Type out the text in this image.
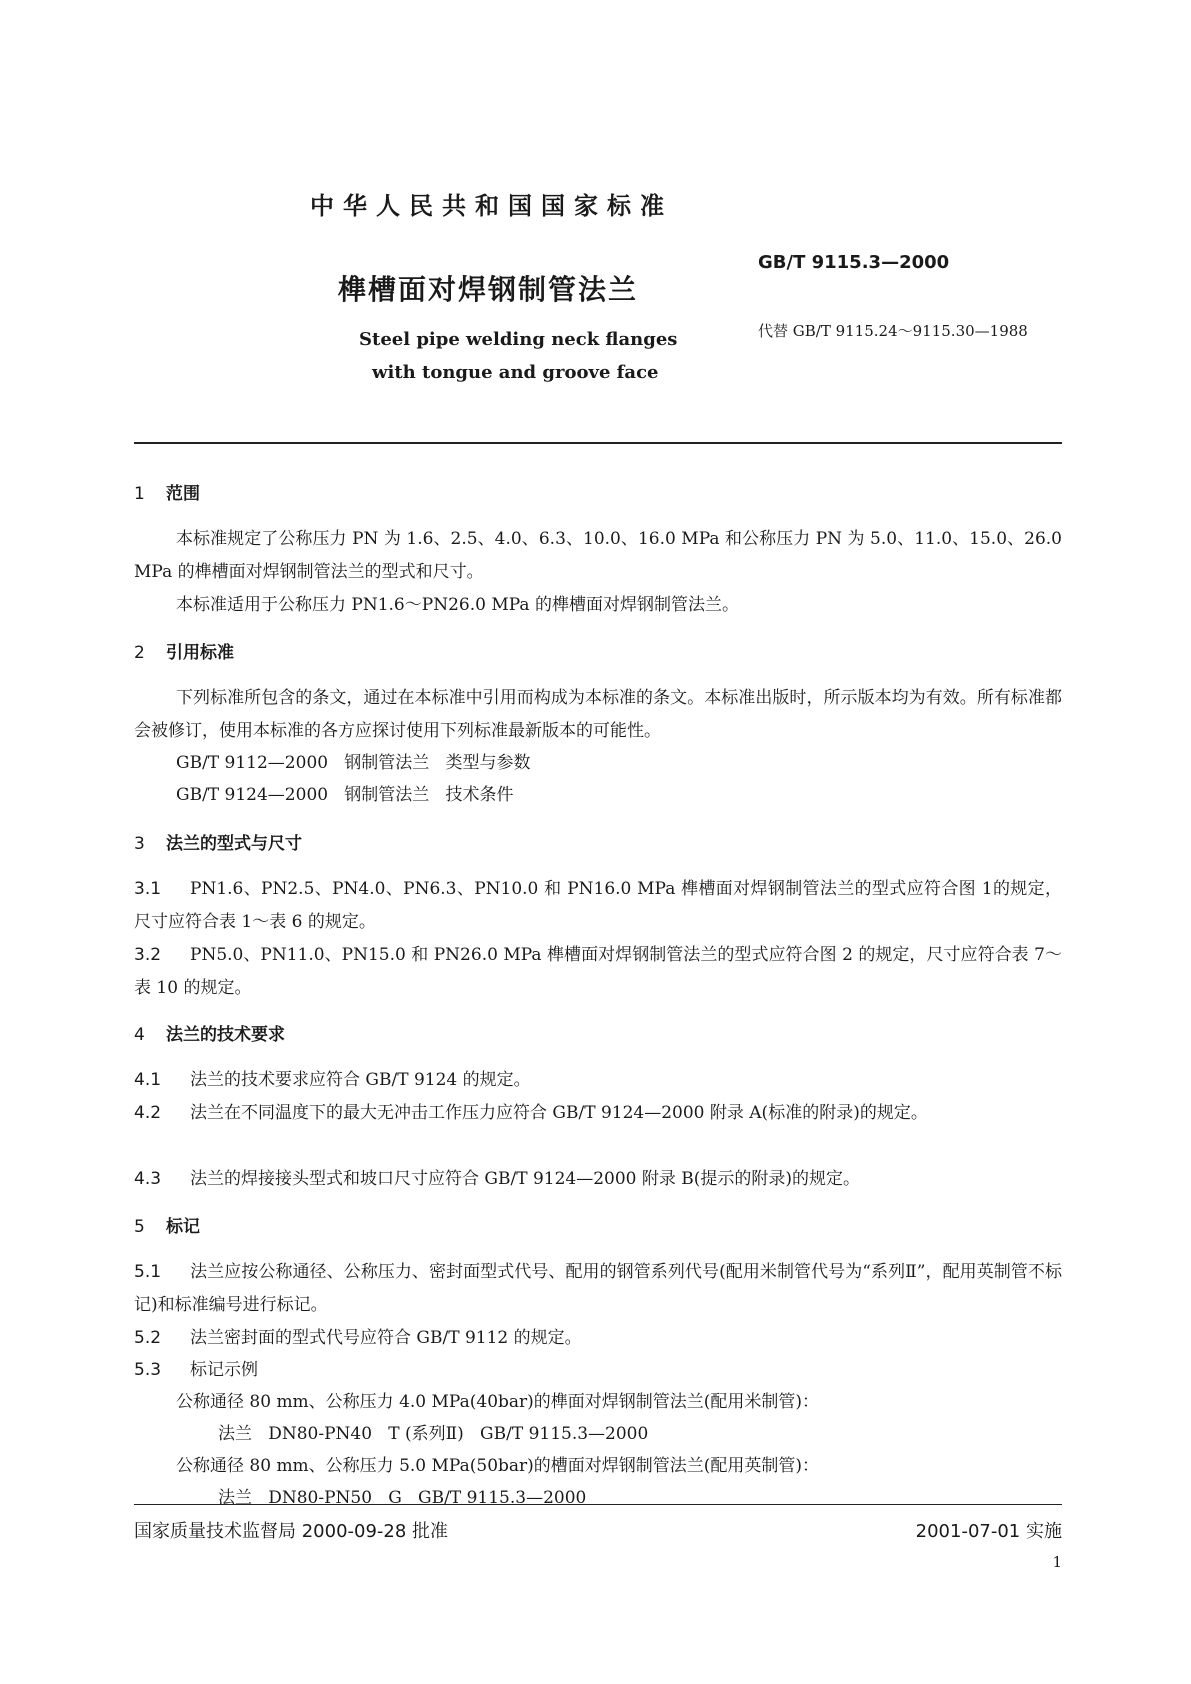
中华人民共和国国家标准
榫槽面对焊钢制管法兰
Steel pipe welding neck flanges
with tongue and groove face
GB/T 9115.3—2000
代替 GB/T 9115.24～9115.30—1988
1 范围
本标准规定了公称压力 PN 为 1.6、2.5、4.0、6.3、10.0、16.0 MPa 和公称压力 PN 为 5.0、11.0、15.0、26.0 MPa 的榫槽面对焊钢制管法兰的型式和尺寸。
本标准适用于公称压力 PN1.6～PN26.0 MPa 的榫槽面对焊钢制管法兰。
2 引用标准
下列标准所包含的条文，通过在本标准中引用而构成为本标准的条文。本标准出版时，所示版本均为有效。所有标准都会被修订，使用本标准的各方应探讨使用下列标准最新版本的可能性。
GB/T 9112—2000   钢制管法兰   类型与参数
GB/T 9124—2000   钢制管法兰   技术条件
3 法兰的型式与尺寸
3.1 PN1.6、PN2.5、PN4.0、PN6.3、PN10.0 和 PN16.0 MPa 榫槽面对焊钢制管法兰的型式应符合图 1的规定，尺寸应符合表 1～表 6 的规定。
3.2 PN5.0、PN11.0、PN15.0 和 PN26.0 MPa 榫槽面对焊钢制管法兰的型式应符合图 2 的规定，尺寸应符合表 7～表 10 的规定。
4 法兰的技术要求
4.1 法兰的技术要求应符合 GB/T 9124 的规定。
4.2 法兰在不同温度下的最大无冲击工作压力应符合 GB/T 9124—2000 附录 A(标准的附录)的规定。
4.3 法兰的焊接接头型式和坡口尺寸应符合 GB/T 9124—2000 附录 B(提示的附录)的规定。
5 标记
5.1 法兰应按公称通径、公称压力、密封面型式代号、配用的钢管系列代号(配用米制管代号为“系列Ⅱ”，配用英制管不标记)和标准编号进行标记。
5.2 法兰密封面的型式代号应符合 GB/T 9112 的规定。
5.3 标记示例
公称通径 80 mm、公称压力 4.0 MPa(40bar)的榫面对焊钢制管法兰(配用米制管)：
法兰   DN80-PN40   T (系列Ⅱ)   GB/T 9115.3—2000
公称通径 80 mm、公称压力 5.0 MPa(50bar)的槽面对焊钢制管法兰(配用英制管)：
法兰   DN80-PN50   G   GB/T 9115.3—2000
国家质量技术监督局 2000-09-28 批准	2001-07-01 实施
1
